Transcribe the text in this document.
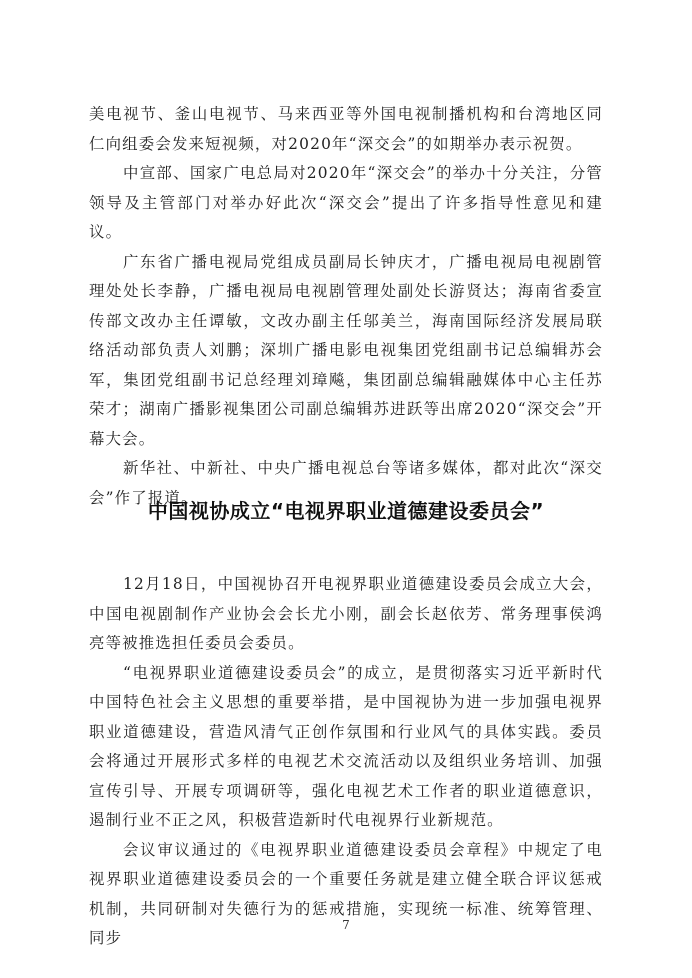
美电视节、釜山电视节、马来西亚等外国电视制播机构和台湾地区同仁向组委会发来短视频，对2020年“深交会”的如期举办表示祝贺。

中宣部、国家广电总局对2020年“深交会”的举办十分关注，分管领导及主管部门对举办好此次“深交会”提出了许多指导性意见和建议。

广东省广播电视局党组成员副局长钟庆才，广播电视局电视剧管理处处长李静，广播电视局电视剧管理处副处长游贤达；海南省委宣传部文改办主任谭敏，文改办副主任邬美兰，海南国际经济发展局联络活动部负责人刘鹏；深圳广播电影电视集团党组副书记总编辑苏会军，集团党组副书记总经理刘璋飚，集团副总编辑融媒体中心主任苏荣才；湖南广播影视集团公司副总编辑苏进跃等出席2020“深交会”开幕大会。

新华社、中新社、中央广播电视总台等诸多媒体，都对此次“深交会”作了报道。

中国视协成立“电视界职业道德建设委员会”

12月18日，中国视协召开电视界职业道德建设委员会成立大会，中国电视剧制作产业协会会长尤小刚，副会长赵依芳、常务理事侯鸿亮等被推选担任委员会委员。

“电视界职业道德建设委员会”的成立，是贯彻落实习近平新时代中国特色社会主义思想的重要举措，是中国视协为进一步加强电视界职业道德建设，营造风清气正创作氛围和行业风气的具体实践。委员会将通过开展形式多样的电视艺术交流活动以及组织业务培训、加强宣传引导、开展专项调研等，强化电视艺术工作者的职业道德意识，遏制行业不正之风，积极营造新时代电视界行业新规范。

会议审议通过的《电视界职业道德建设委员会章程》中规定了电视界职业道德建设委员会的一个重要任务就是建立健全联合评议惩戒机制，共同研制对失德行为的惩戒措施，实现统一标准、统筹管理、同步

7
